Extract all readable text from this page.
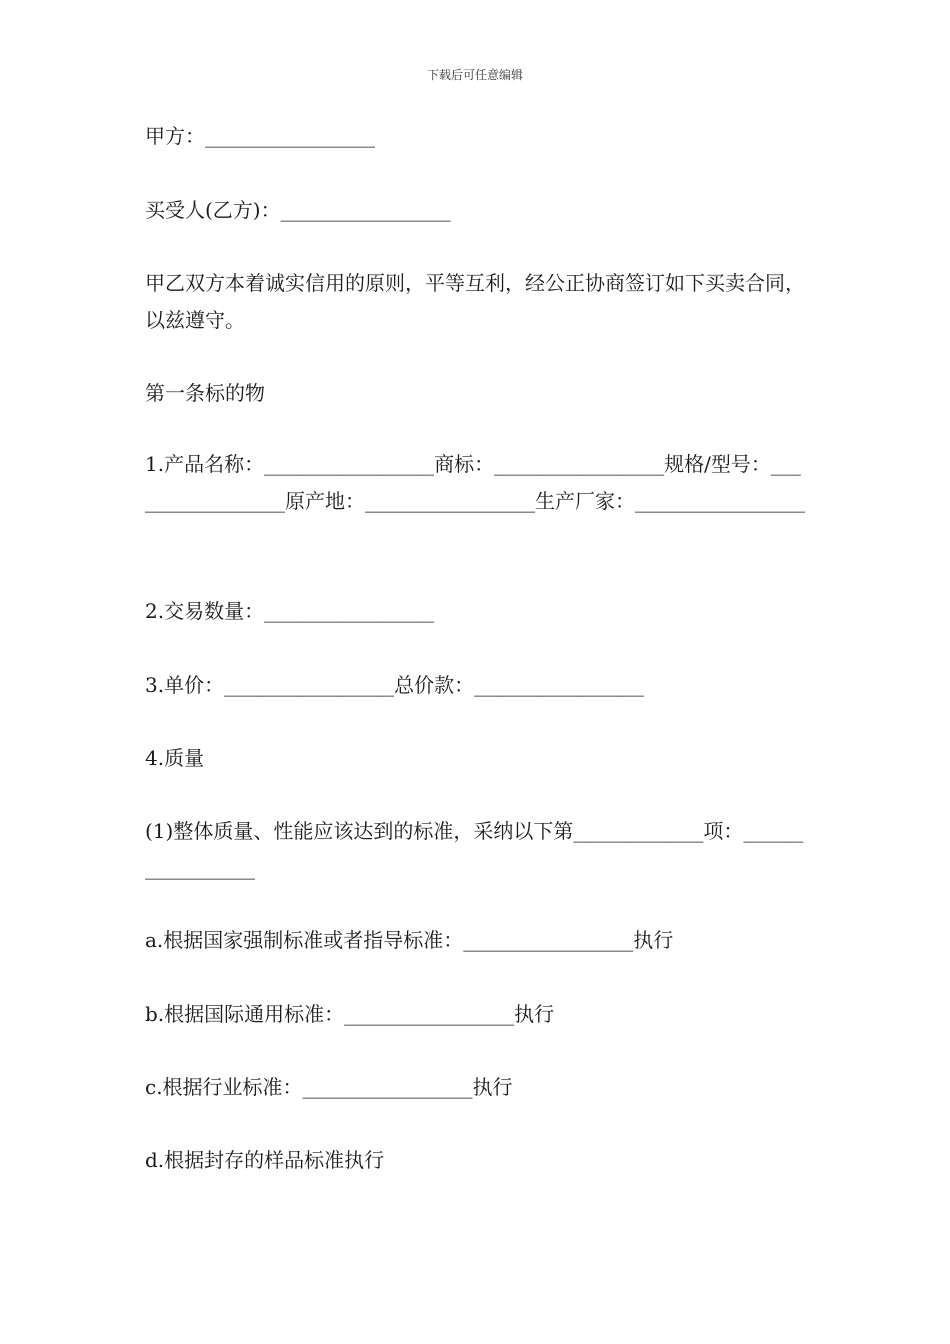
下载后可任意编辑
甲方：_________________
买受人(乙方)：_________________
甲乙双方本着诚实信用的原则，平等互利，经公正协商签订如下买卖合同，以兹遵守。
第一条标的物
1.产品名称：_________________商标：_________________规格/型号：_________________原产地：_________________生产厂家：_________________
2.交易数量：_________________
3.单价：_________________总价款：_________________
4.质量
(1)整体质量、性能应该达到的标准，采纳以下第_____________项：_________________
a.根据国家强制标准或者指导标准：_________________执行
b.根据国际通用标准：_________________执行
c.根据行业标准：_________________执行
d.根据封存的样品标准执行
